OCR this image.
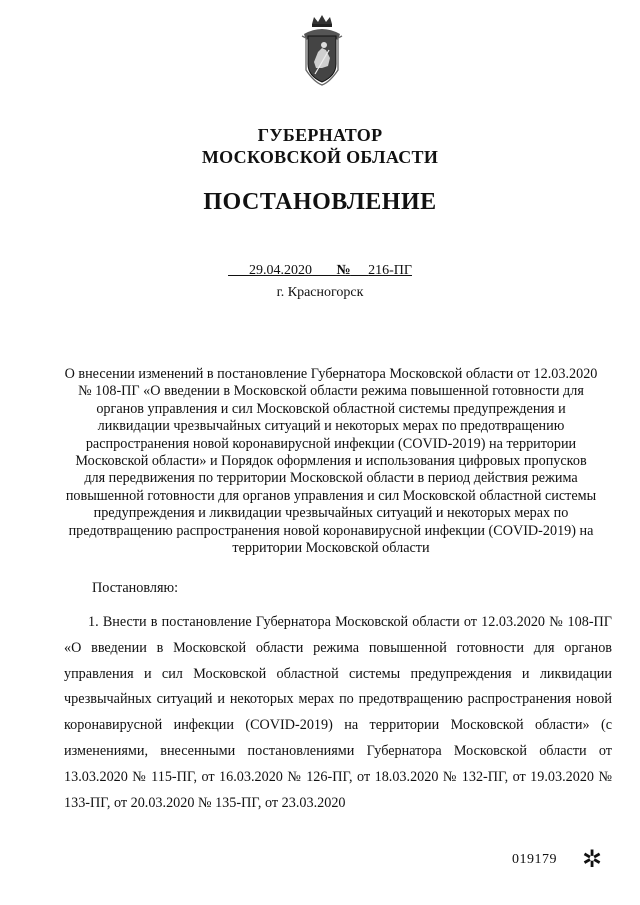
ГУБЕРНАТОР
МОСКОВСКОЙ ОБЛАСТИ
ПОСТАНОВЛЕНИЕ
29.04.2020 № 216-ПГ
г. Красногорск
О внесении изменений в постановление Губернатора Московской области от 12.03.2020 № 108-ПГ «О введении в Московской области режима повышенной готовности для органов управления и сил Московской областной системы предупреждения и ликвидации чрезвычайных ситуаций и некоторых мерах по предотвращению распространения новой коронавирусной инфекции (COVID-2019) на территории Московской области» и Порядок оформления и использования цифровых пропусков для передвижения по территории Московской области в период действия режима повышенной готовности для органов управления и сил Московской областной системы предупреждения и ликвидации чрезвычайных ситуаций и некоторых мерах по предотвращению распространения новой коронавирусной инфекции (COVID-2019) на территории Московской области
Постановляю:
1. Внести в постановление Губернатора Московской области от 12.03.2020 № 108-ПГ «О введении в Московской области режима повышенной готовности для органов управления и сил Московской областной системы предупреждения и ликвидации чрезвычайных ситуаций и некоторых мерах по предотвращению распространения новой коронавирусной инфекции (COVID-2019) на территории Московской области» (с изменениями, внесенными постановлениями Губернатора Московской области от 13.03.2020 № 115-ПГ, от 16.03.2020 № 126-ПГ, от 18.03.2020 № 132-ПГ, от 19.03.2020 № 133-ПГ, от 20.03.2020 № 135-ПГ, от 23.03.2020
019179 ✲
